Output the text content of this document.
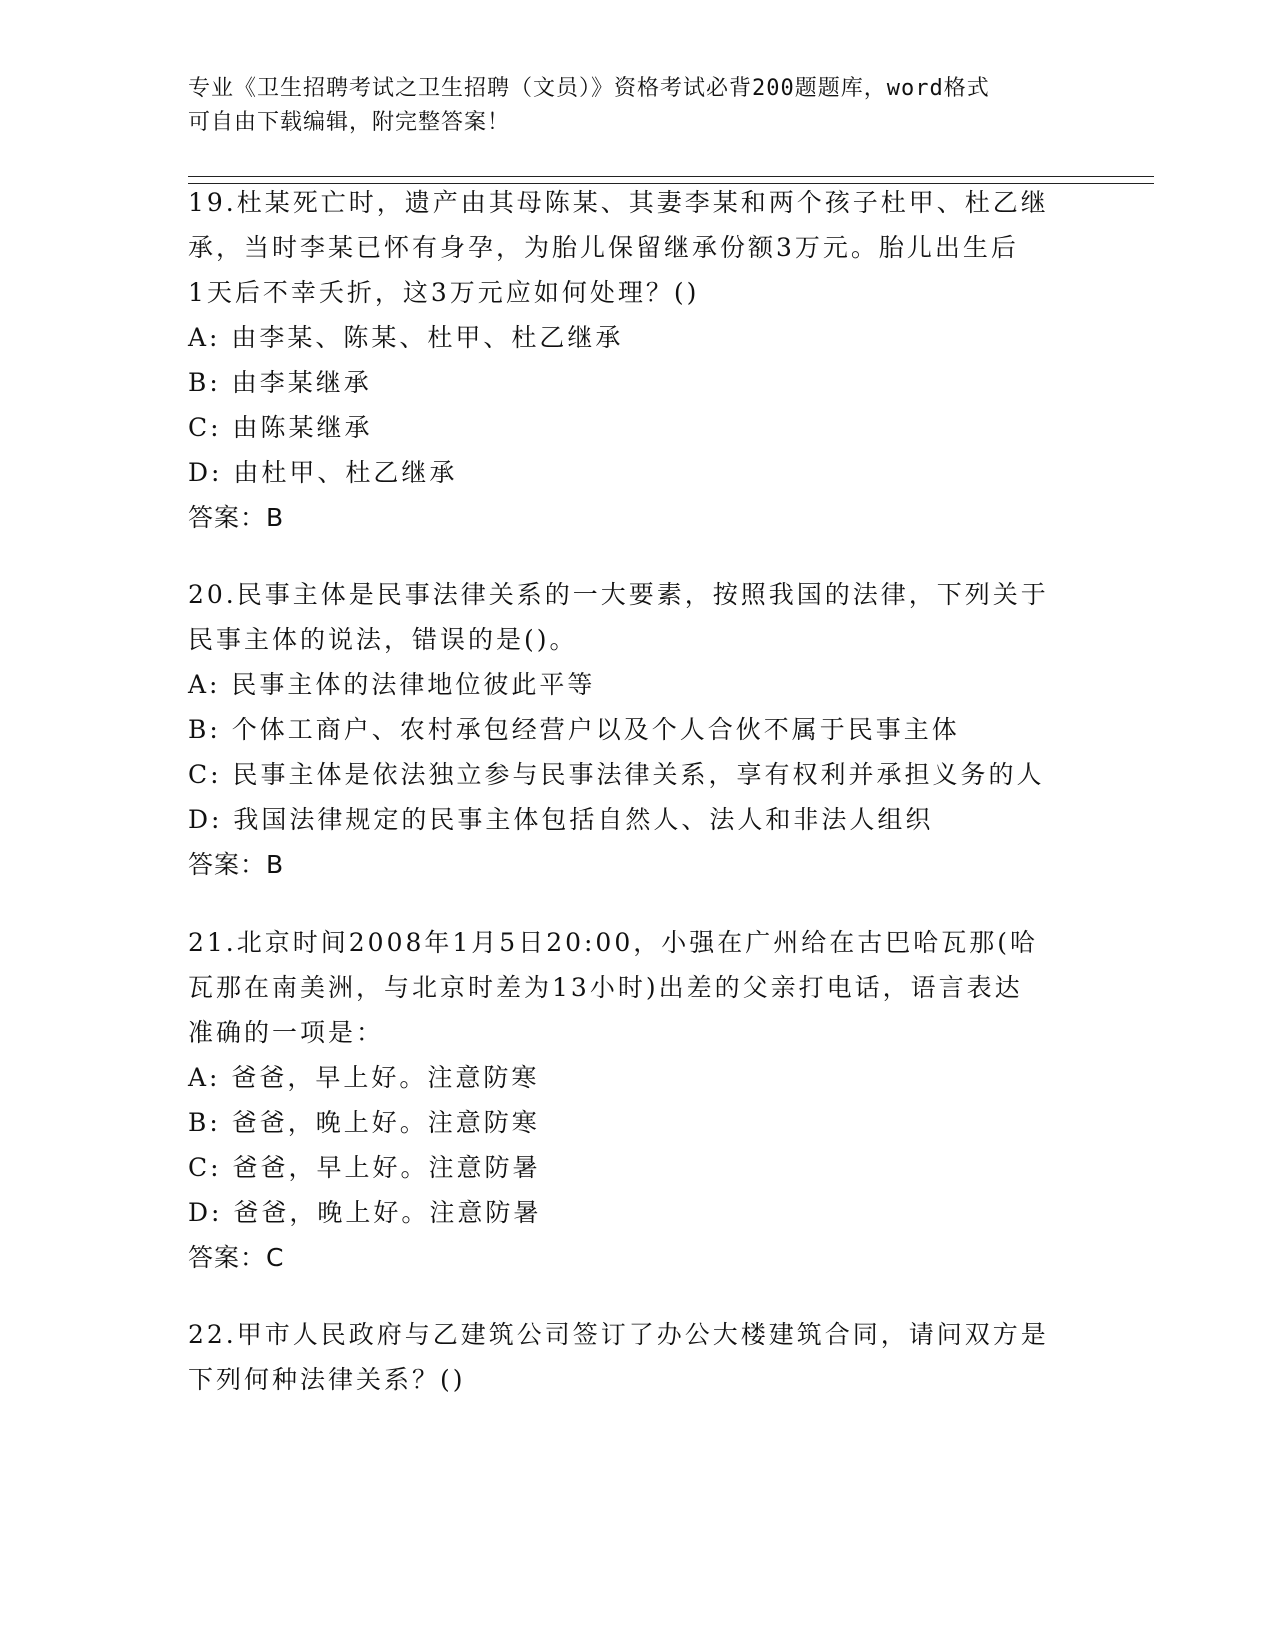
专业《卫生招聘考试之卫生招聘（文员）》资格考试必背200题题库，word格式
可自由下载编辑，附完整答案！
19.杜某死亡时，遗产由其母陈某、其妻李某和两个孩子杜甲、杜乙继
承，当时李某已怀有身孕，为胎儿保留继承份额3万元。胎儿出生后
1天后不幸夭折，这3万元应如何处理？()
A: 由李某、陈某、杜甲、杜乙继承
B: 由李某继承
C: 由陈某继承
D: 由杜甲、杜乙继承
答案：B
20.民事主体是民事法律关系的一大要素，按照我国的法律，下列关于
民事主体的说法，错误的是()。
A: 民事主体的法律地位彼此平等
B: 个体工商户、农村承包经营户以及个人合伙不属于民事主体
C: 民事主体是依法独立参与民事法律关系，享有权利并承担义务的人
D: 我国法律规定的民事主体包括自然人、法人和非法人组织
答案：B
21.北京时间2008年1月5日20:00，小强在广州给在古巴哈瓦那(哈
瓦那在南美洲，与北京时差为13小时)出差的父亲打电话，语言表达
准确的一项是：
A: 爸爸，早上好。注意防寒
B: 爸爸，晚上好。注意防寒
C: 爸爸，早上好。注意防暑
D: 爸爸，晚上好。注意防暑
答案：C
22.甲市人民政府与乙建筑公司签订了办公大楼建筑合同，请问双方是
下列何种法律关系？()
